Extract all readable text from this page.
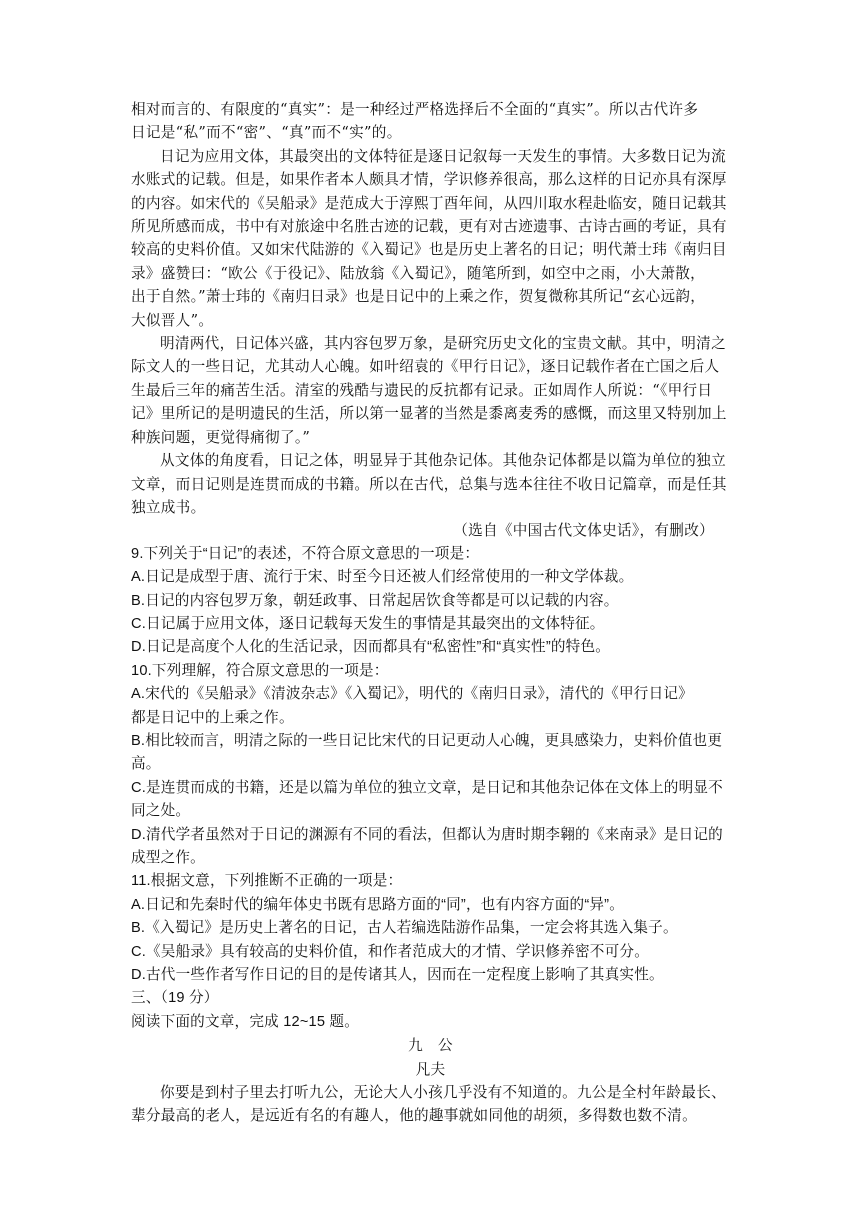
相对而言的、有限度的“真实”：是一种经过严格选择后不全面的“真实”。所以古代许多
日记是“私”而不“密”、“真”而不“实”的。
日记为应用文体，其最突出的文体特征是逐日记叙每一天发生的事情。大多数日记为流
水账式的记载。但是，如果作者本人颇具才情，学识修养很高，那么这样的日记亦具有深厚
的内容。如宋代的《吴船录》是范成大于淳熙丁酉年间，从四川取水程赴临安，随日记载其
所见所感而成，书中有对旅途中名胜古迹的记载，更有对古迹遗事、古诗古画的考证，具有
较高的史料价值。又如宋代陆游的《入蜀记》也是历史上著名的日记；明代萧士玮《南归目
录》盛赞曰：“欧公《于役记》、陆放翁《入蜀记》，随笔所到，如空中之雨，小大萧散，
出于自然。”萧士玮的《南归日录》也是日记中的上乘之作，贺复微称其所记“玄心远韵，
大似晋人”。
明清两代，日记体兴盛，其内容包罗万象，是研究历史文化的宝贵文献。其中，明清之
际文人的一些日记，尤其动人心魄。如叶绍袁的《甲行日记》，逐日记载作者在亡国之后人
生最后三年的痛苦生活。清室的残酷与遗民的反抗都有记录。正如周作人所说：“《甲行日
记》里所记的是明遗民的生活，所以第一显著的当然是黍离麦秀的感慨，而这里又特别加上
种族问题，更觉得痛彻了。”
从文体的角度看，日记之体，明显异于其他杂记体。其他杂记体都是以篇为单位的独立
文章，而日记则是连贯而成的书籍。所以在古代，总集与选本往往不收日记篇章，而是任其
独立成书。
（选自《中国古代文体史话》，有删改）
9.下列关于“日记”的表述，不符合原文意思的一项是：
A.日记是成型于唐、流行于宋、时至今日还被人们经常使用的一种文学体裁。
B.日记的内容包罗万象，朝廷政事、日常起居饮食等都是可以记载的内容。
C.日记属于应用文体，逐日记载每天发生的事情是其最突出的文体特征。
D.日记是高度个人化的生活记录，因而都具有“私密性”和“真实性”的特色。
10.下列理解，符合原文意思的一项是：
A.宋代的《吴船录》《清波杂志》《入蜀记》，明代的《南归日录》，清代的《甲行日记》
都是日记中的上乘之作。
B.相比较而言，明清之际的一些日记比宋代的日记更动人心魄，更具感染力，史料价值也更
高。
C.是连贯而成的书籍，还是以篇为单位的独立文章，是日记和其他杂记体在文体上的明显不
同之处。
D.清代学者虽然对于日记的渊源有不同的看法，但都认为唐时期李翱的《来南录》是日记的
成型之作。
11.根据文意，下列推断不正确的一项是：
A.日记和先秦时代的编年体史书既有思路方面的“同”，也有内容方面的“异”。
B.《入蜀记》是历史上著名的日记，古人若编选陆游作品集，一定会将其选入集子。
C.《吴船录》具有较高的史料价值，和作者范成大的才情、学识修养密不可分。
D.古代一些作者写作日记的目的是传诸其人，因而在一定程度上影响了其真实性。
三、（19 分）
阅读下面的文章，完成 12~15 题。
九　公
凡夫
你要是到村子里去打听九公，无论大人小孩几乎没有不知道的。九公是全村年龄最长、
辈分最高的老人，是远近有名的有趣人，他的趣事就如同他的胡须，多得数也数不清。
